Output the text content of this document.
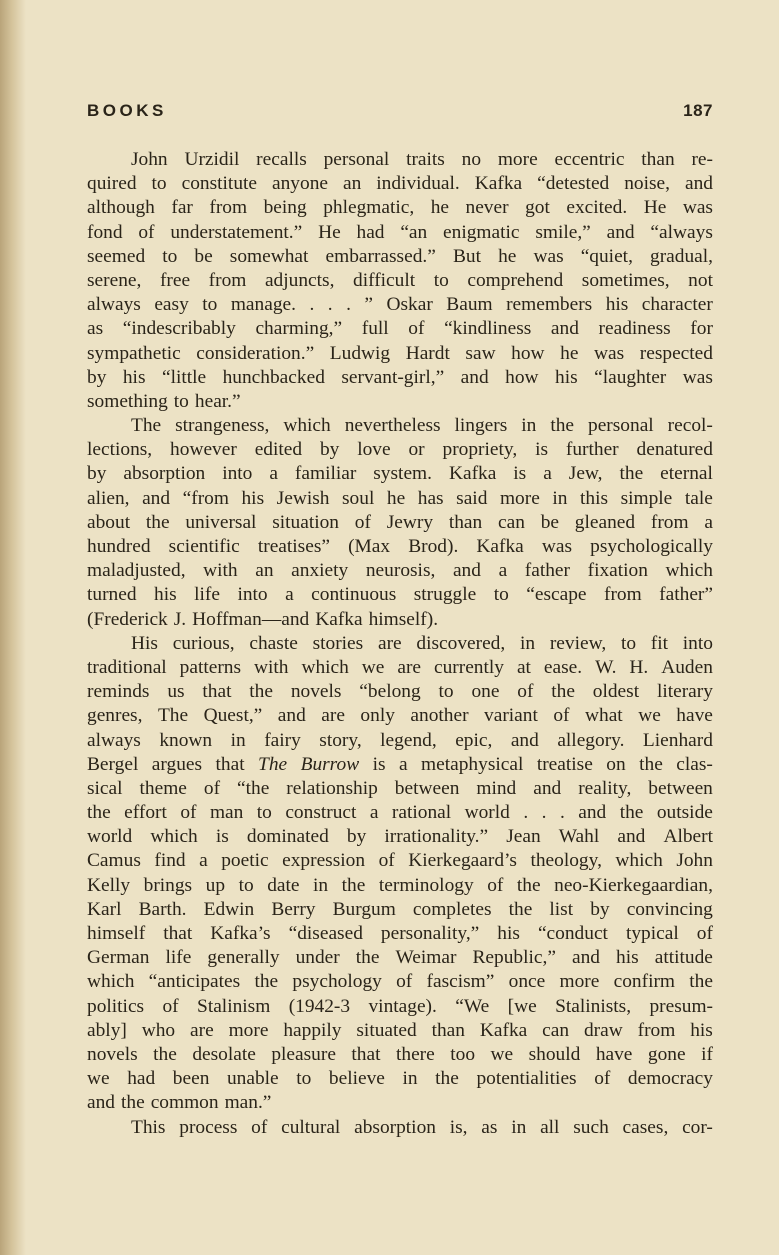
BOOKS	187
John Urzidil recalls personal traits no more eccentric than re-
quired to constitute anyone an individual. Kafka “detested noise, and
although far from being phlegmatic, he never got excited. He was
fond of understatement.” He had “an enigmatic smile,” and “always
seemed to be somewhat embarrassed.” But he was “quiet, gradual,
serene, free from adjuncts, difficult to comprehend sometimes, not
always easy to manage. . . . ” Oskar Baum remembers his character
as “indescribably charming,” full of “kindliness and readiness for
sympathetic consideration.” Ludwig Hardt saw how he was respected
by his “little hunchbacked servant-girl,” and how his “laughter was
something to hear.”
The strangeness, which nevertheless lingers in the personal recol-
lections, however edited by love or propriety, is further denatured
by absorption into a familiar system. Kafka is a Jew, the eternal
alien, and “from his Jewish soul he has said more in this simple tale
about the universal situation of Jewry than can be gleaned from a
hundred scientific treatises” (Max Brod). Kafka was psychologically
maladjusted, with an anxiety neurosis, and a father fixation which
turned his life into a continuous struggle to “escape from father”
(Frederick J. Hoffman—and Kafka himself).
His curious, chaste stories are discovered, in review, to fit into
traditional patterns with which we are currently at ease. W. H. Auden
reminds us that the novels “belong to one of the oldest literary
genres, The Quest,” and are only another variant of what we have
always known in fairy story, legend, epic, and allegory. Lienhard
Bergel argues that The Burrow is a metaphysical treatise on the clas-
sical theme of “the relationship between mind and reality, between
the effort of man to construct a rational world . . . and the outside
world which is dominated by irrationality.” Jean Wahl and Albert
Camus find a poetic expression of Kierkegaard’s theology, which John
Kelly brings up to date in the terminology of the neo-Kierkegaardian,
Karl Barth. Edwin Berry Burgum completes the list by convincing
himself that Kafka’s “diseased personality,” his “conduct typical of
German life generally under the Weimar Republic,” and his attitude
which “anticipates the psychology of fascism” once more confirm the
politics of Stalinism (1942-3 vintage). “We [we Stalinists, presum-
ably] who are more happily situated than Kafka can draw from his
novels the desolate pleasure that there too we should have gone if
we had been unable to believe in the potentialities of democracy
and the common man.”
This process of cultural absorption is, as in all such cases, cor-
